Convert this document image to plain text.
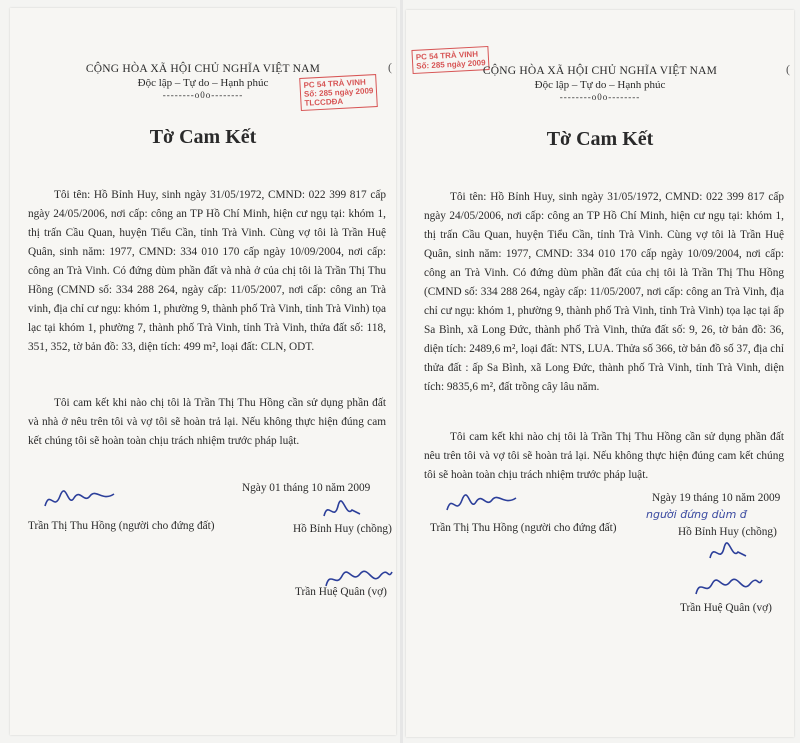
(
PC 54 TRÀ VINH
Số: 285 ngày 2009
TLCCDĐA
CỘNG HÒA XÃ HỘI CHỦ NGHĨA VIỆT NAM
Độc lập – Tự do – Hạnh phúc
--------o0o--------
Tờ Cam Kết
Tôi tên: Hồ Bỉnh Huy, sinh ngày 31/05/1972, CMND: 022 399 817 cấp ngày 24/05/2006, nơi cấp: công an TP Hồ Chí Minh, hiện cư ngụ tại: khóm 1, thị trấn Cầu Quan, huyện Tiểu Cần, tỉnh Trà Vinh. Cùng vợ tôi là Trần Huệ Quân, sinh năm: 1977, CMND: 334 010 170 cấp ngày 10/09/2004, nơi cấp: công an Trà Vinh. Có đứng dùm phần đất và nhà ở của chị tôi là Trần Thị Thu Hồng (CMND số: 334 288 264, ngày cấp: 11/05/2007, nơi cấp: công an Trà vinh, địa chỉ cư ngụ: khóm 1, phường 9, thành phố Trà Vinh, tỉnh Trà Vinh) tọa lạc tại khóm 1, phường 7, thành phố Trà Vinh, tỉnh Trà Vinh, thửa đất số: 118, 351, 352, tờ bản đồ: 33, diện tích: 499 m², loại đất: CLN, ODT.
Tôi cam kết khi nào chị tôi là Trần Thị Thu Hồng cần sử dụng phần đất và nhà ở nêu trên tôi và vợ tôi sẽ hoàn trả lại. Nếu không thực hiện đúng cam kết chúng tôi sẽ hoàn toàn chịu trách nhiệm trước pháp luật.
Ngày 01 tháng 10 năm 2009
Trần Thị Thu Hồng (người cho đứng đất)	Hồ Bỉnh Huy (chồng)
Trần Huệ Quân (vợ)
(
PC 54 TRÀ VINH
Số: 285 ngày 2009
CỘNG HÒA XÃ HỘI CHỦ NGHĨA VIỆT NAM
Độc lập – Tự do – Hạnh phúc
--------o0o--------
Tờ Cam Kết
Tôi tên: Hồ Bỉnh Huy, sinh ngày 31/05/1972, CMND: 022 399 817 cấp ngày 24/05/2006, nơi cấp: công an TP Hồ Chí Minh, hiện cư ngụ tại: khóm 1, thị trấn Cầu Quan, huyện Tiểu Cần, tỉnh Trà Vinh. Cùng vợ tôi là Trần Huệ Quân, sinh năm: 1977, CMND: 334 010 170 cấp ngày 10/09/2004, nơi cấp: công an Trà Vinh. Có đứng dùm phần đất của chị tôi là Trần Thị Thu Hồng (CMND số: 334 288 264, ngày cấp: 11/05/2007, nơi cấp: công an Trà Vinh, địa chỉ cư ngụ: khóm 1, phường 9, thành phố Trà Vinh, tỉnh Trà Vinh) tọa lạc tại ấp Sa Bình, xã Long Đức, thành phố Trà Vinh, thửa đất số: 9, 26, tờ bản đồ: 36, diện tích: 2489,6 m², loại đất: NTS, LUA. Thửa số 366, tờ bản đồ số 37, địa chỉ thửa đất : ấp Sa Bình, xã Long Đức, thành phố Trà Vinh, tỉnh Trà Vinh, diện tích: 9835,6 m², đất trồng cây lâu năm.
Tôi cam kết khi nào chị tôi là Trần Thị Thu Hồng cần sử dụng phần đất nêu trên tôi và vợ tôi sẽ hoàn trả lại. Nếu không thực hiện đúng cam kết chúng tôi sẽ hoàn toàn chịu trách nhiệm trước pháp luật.
Ngày 19 tháng 10 năm 2009
người đứng dùm đ
Trần Thị Thu Hồng (người cho đứng đất)	Hồ Bỉnh Huy (chồng)
Trần Huệ Quân (vợ)
